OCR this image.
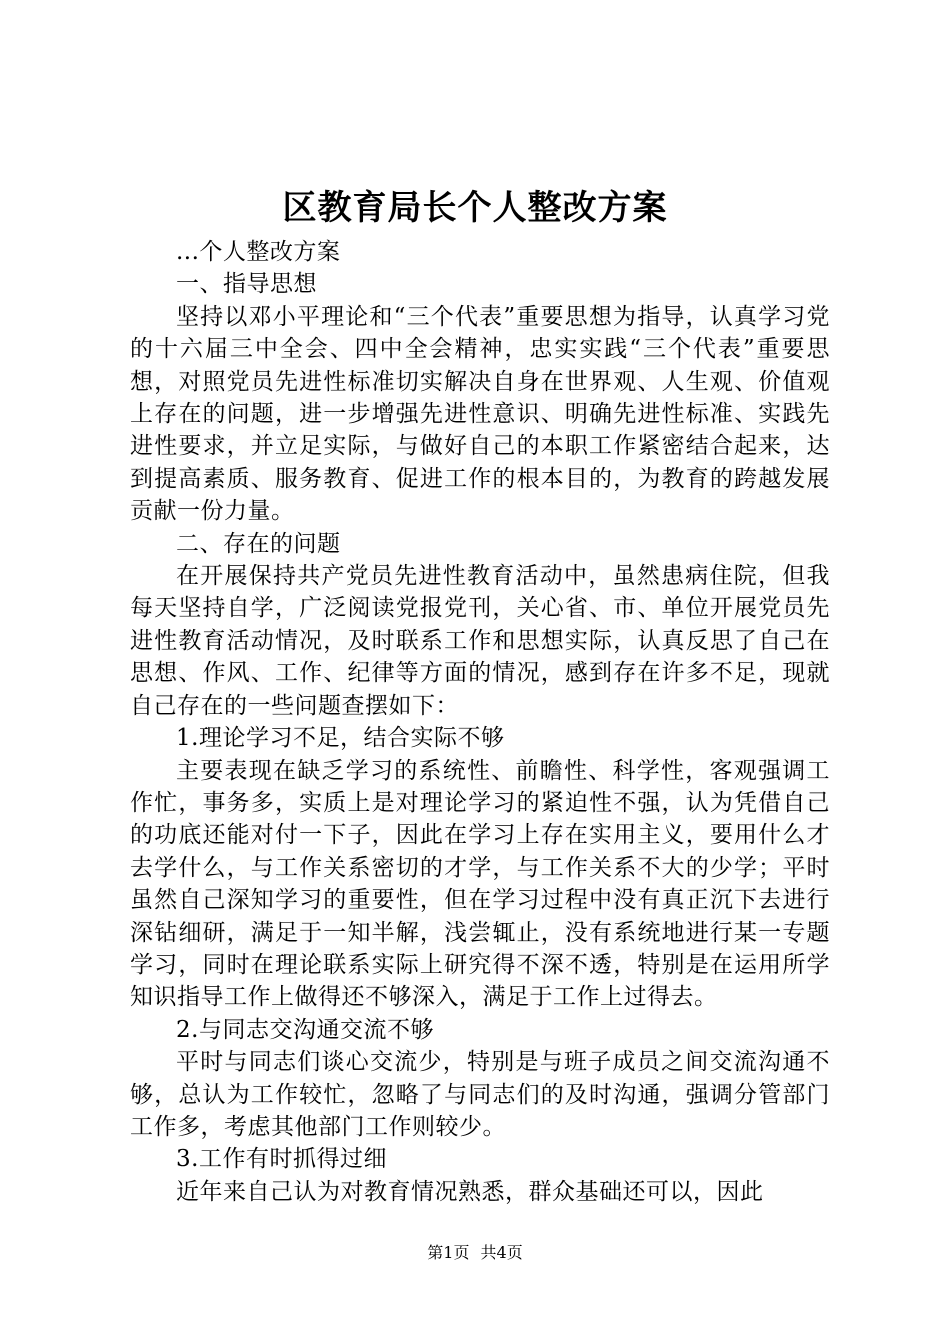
区教育局长个人整改方案

...个人整改方案

一、指导思想

坚持以邓小平理论和“三个代表”重要思想为指导，认真学习党的十六届三中全会、四中全会精神，忠实实践“三个代表”重要思想，对照党员先进性标准切实解决自身在世界观、人生观、价值观上存在的问题，进一步增强先进性意识、明确先进性标准、实践先进性要求，并立足实际，与做好自己的本职工作紧密结合起来，达到提高素质、服务教育、促进工作的根本目的，为教育的跨越发展贡献一份力量。

二、存在的问题

在开展保持共产党员先进性教育活动中，虽然患病住院，但我每天坚持自学，广泛阅读党报党刊，关心省、市、单位开展党员先进性教育活动情况，及时联系工作和思想实际，认真反思了自己在思想、作风、工作、纪律等方面的情况，感到存在许多不足，现就自己存在的一些问题查摆如下：

1.理论学习不足，结合实际不够

主要表现在缺乏学习的系统性、前瞻性、科学性，客观强调工作忙，事务多，实质上是对理论学习的紧迫性不强，认为凭借自己的功底还能对付一下子，因此在学习上存在实用主义，要用什么才去学什么，与工作关系密切的才学，与工作关系不大的少学；平时虽然自己深知学习的重要性，但在学习过程中没有真正沉下去进行深钻细研，满足于一知半解，浅尝辄止，没有系统地进行某一专题学习，同时在理论联系实际上研究得不深不透，特别是在运用所学知识指导工作上做得还不够深入，满足于工作上过得去。

2.与同志交沟通交流不够

平时与同志们谈心交流少，特别是与班子成员之间交流沟通不够，总认为工作较忙，忽略了与同志们的及时沟通，强调分管部门工作多，考虑其他部门工作则较少。

3.工作有时抓得过细

近年来自己认为对教育情况熟悉，群众基础还可以，因此

第1页 共4页
